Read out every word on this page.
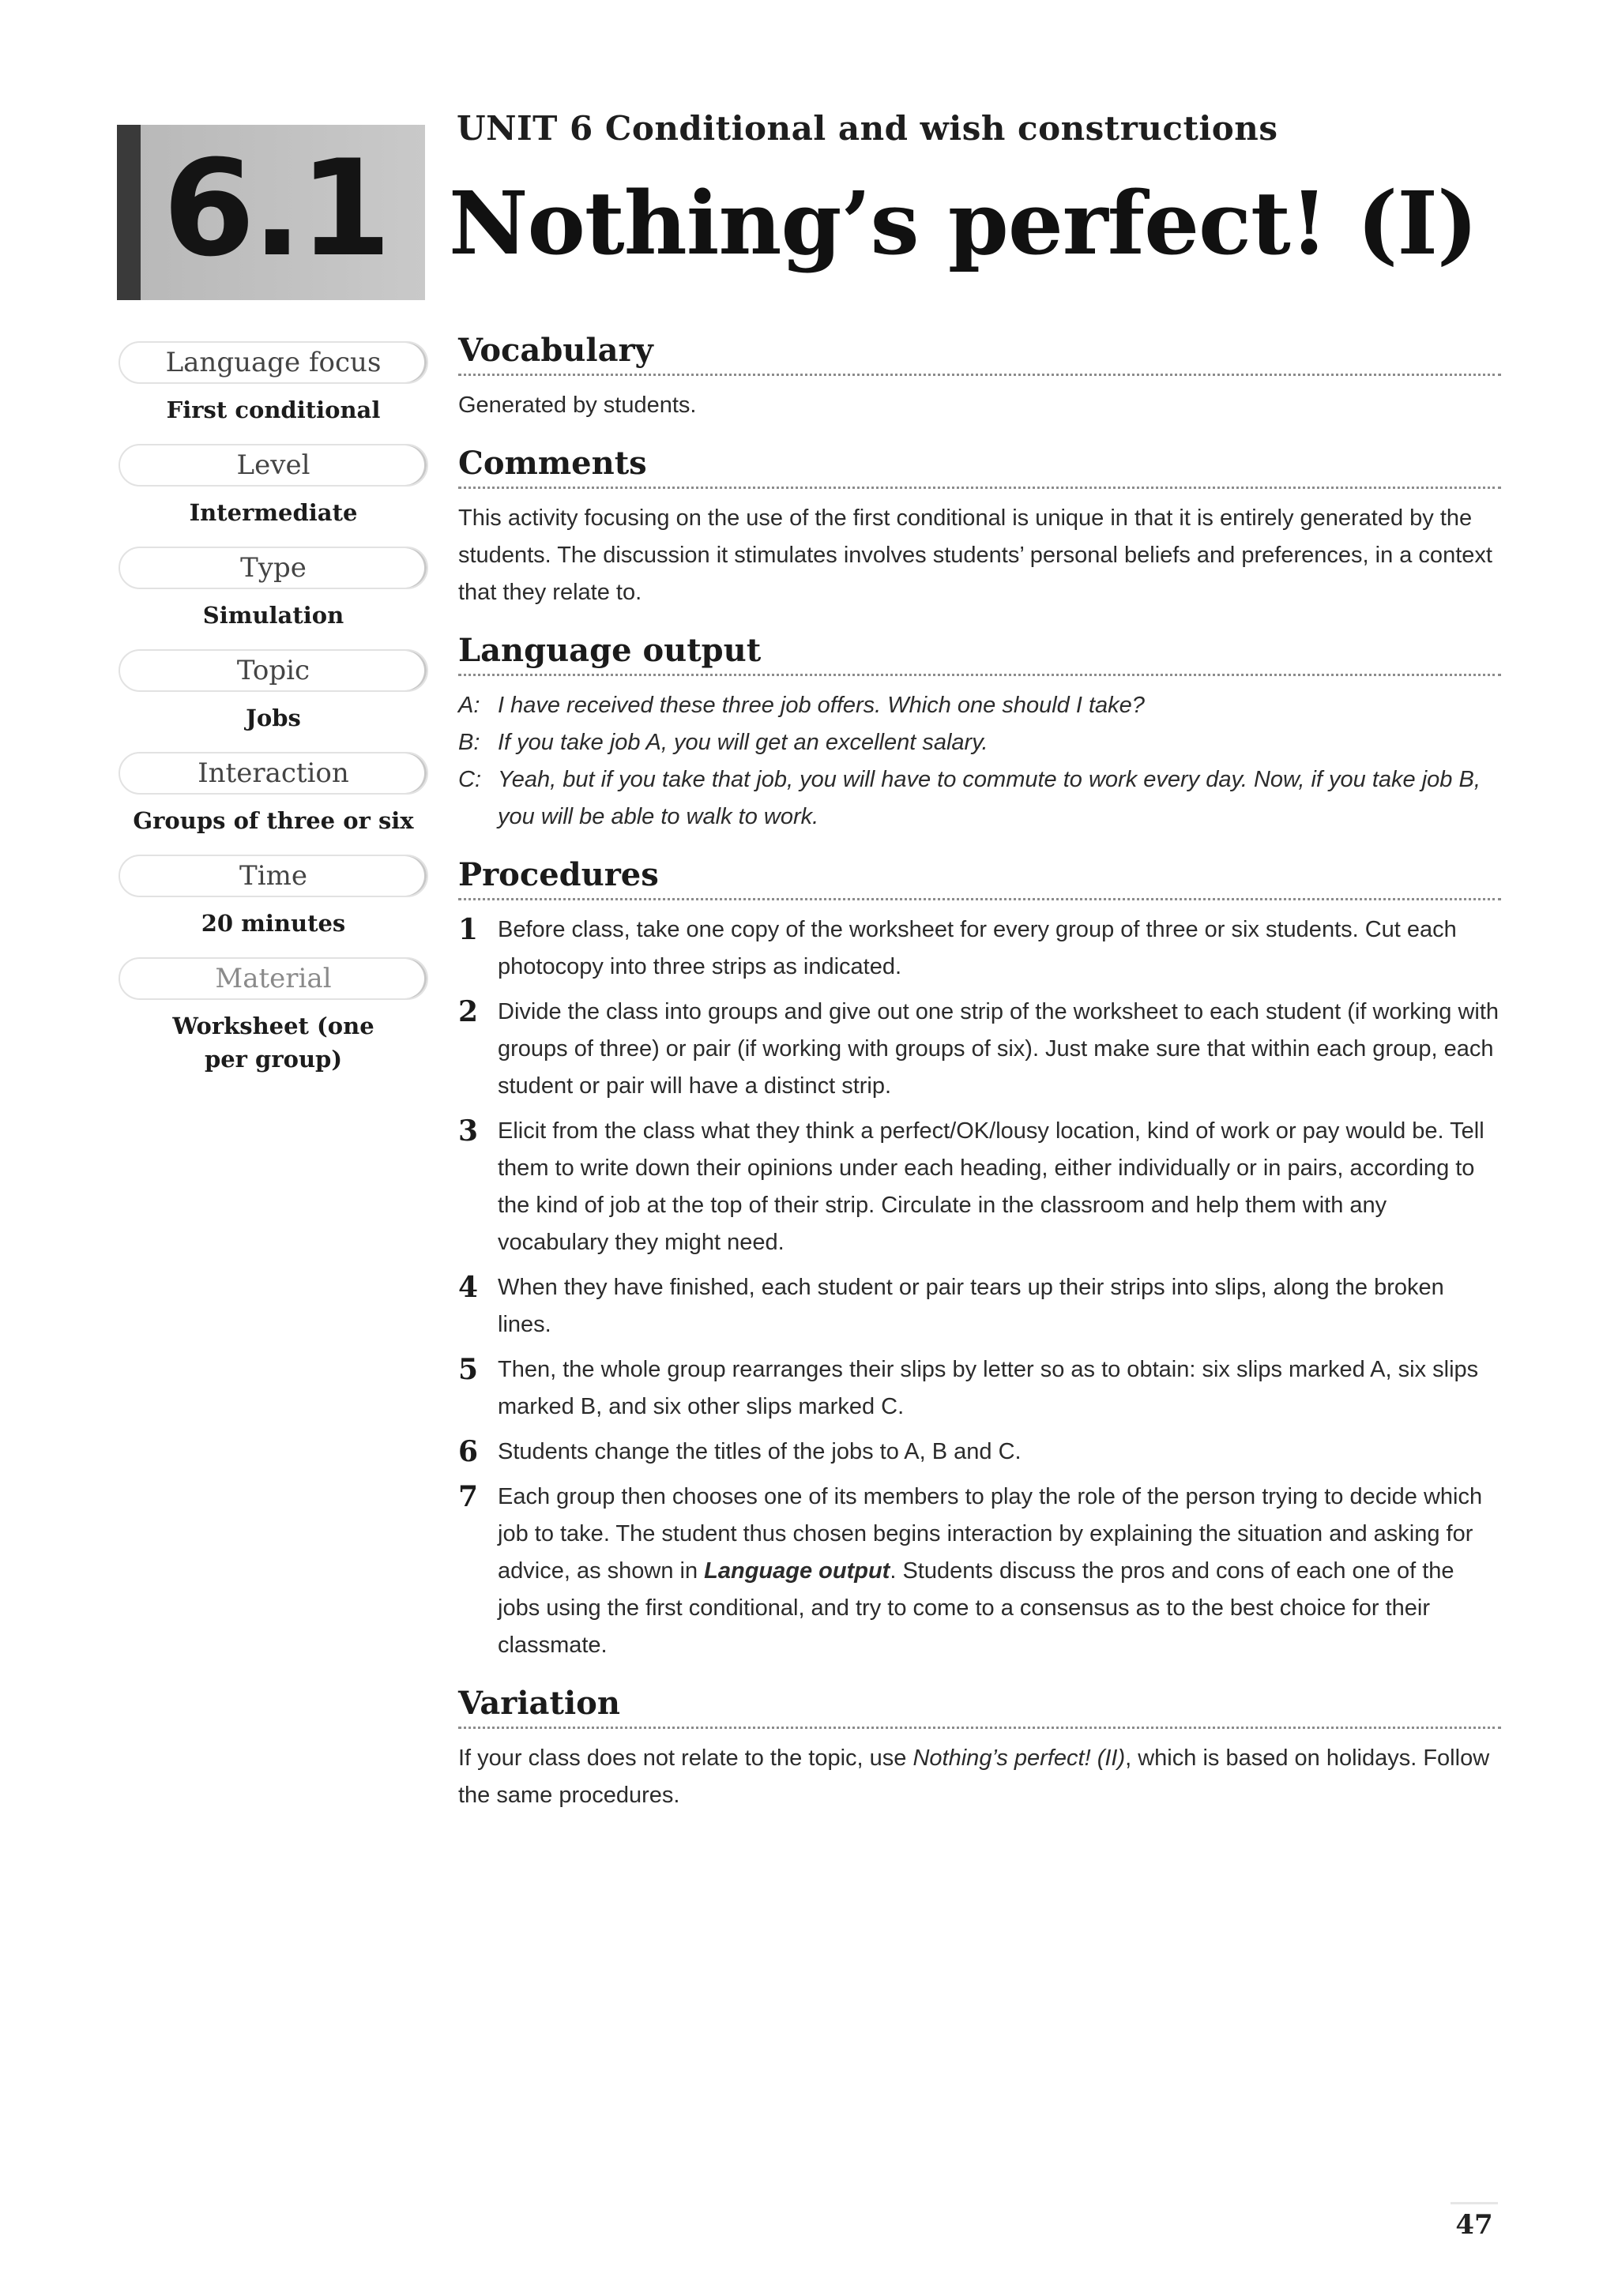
6.1
UNIT 6 Conditional and wish constructions
Nothing’s perfect! (I)
Language focus
First conditional
Level
Intermediate
Type
Simulation
Topic
Jobs
Interaction
Groups of three or six
Time
20 minutes
Material
Worksheet (one per group)
Vocabulary

Generated by students.

Comments

This activity focusing on the use of the first conditional is unique in that it is entirely generated by the students. The discussion it stimulates involves students’ personal beliefs and preferences, in a context that they relate to.

Language output
A: I have received these three job offers. Which one should I take?
B: If you take job A, you will get an excellent salary.
C: Yeah, but if you take that job, you will have to commute to work every day. Now, if you take job B, you will be able to walk to work.
Procedures
1 Before class, take one copy of the worksheet for every group of three or six students. Cut each photocopy into three strips as indicated.
2 Divide the class into groups and give out one strip of the worksheet to each student (if working with groups of three) or pair (if working with groups of six). Just make sure that within each group, each student or pair will have a distinct strip.
3 Elicit from the class what they think a perfect/OK/lousy location, kind of work or pay would be. Tell them to write down their opinions under each heading, either individually or in pairs, according to the kind of job at the top of their strip. Circulate in the classroom and help them with any vocabulary they might need.
4 When they have finished, each student or pair tears up their strips into slips, along the broken lines.
5 Then, the whole group rearranges their slips by letter so as to obtain: six slips marked A, six slips marked B, and six other slips marked C.
6 Students change the titles of the jobs to A, B and C.
7 Each group then chooses one of its members to play the role of the person trying to decide which job to take. The student thus chosen begins interaction by explaining the situation and asking for advice, as shown in Language output. Students discuss the pros and cons of each one of the jobs using the first conditional, and try to come to a consensus as to the best choice for their classmate.
Variation

If your class does not relate to the topic, use Nothing’s perfect! (II), which is based on holidays. Follow the same procedures.

47
